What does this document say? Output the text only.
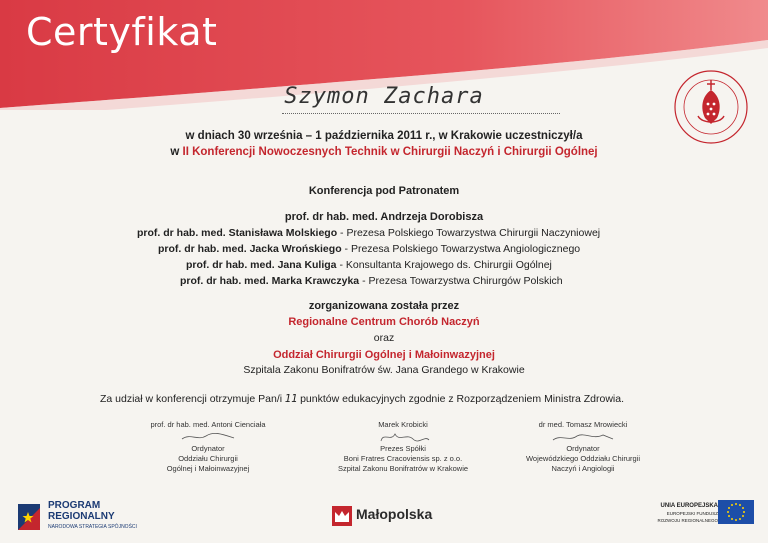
Certyfikat
Szymon Zachara
w dniach 30 września – 1 października 2011 r., w Krakowie uczestniczył/a
w II Konferencji Nowoczesnych Technik w Chirurgii Naczyń i Chirurgii Ogólnej
Konferencja pod Patronatem
prof. dr hab. med. Andrzeja Dorobisza
prof. dr hab. med. Stanisława Molskiego - Prezesa Polskiego Towarzystwa Chirurgii Naczyniowej
prof. dr hab. med. Jacka Wrońskiego - Prezesa Polskiego Towarzystwa Angiologicznego
prof. dr hab. med. Jana Kuliga - Konsultanta Krajowego ds. Chirurgii Ogólnej
prof. dr hab. med. Marka Krawczyka - Prezesa Towarzystwa Chirurgów Polskich
zorganizowana została przez
Regionalne Centrum Chorób Naczyń
oraz
Oddział Chirurgii Ogólnej i Małoinwazyjnej
Szpitala Zakonu Bonifratrów św. Jana Grandego w Krakowie
Za udział w konferencji otrzymuje Pan/i 11 punktów edukacyjnych zgodnie z Rozporządzeniem Ministra Zdrowia.
prof. dr hab. med. Antoni Cienciała
Ordynator
Oddziału Chirurgii
Ogólnej i Małoinwazyjnej
Marek Krobicki
Prezes Spółki
Boni Fratres Cracoviensis sp. z o.o.
Szpital Zakonu Bonifratrów w Krakowie
dr med. Tomasz Mrowiecki
Ordynator
Wojewódzkiego Oddziału Chirurgii
Naczyń i Angiologii
PROGRAM
REGIONALNY
NARODOWA STRATEGIA SPÓJNOŚCI
Małopolska	UNIA EUROPEJSKA
EUROPEJSKI FUNDUSZ
ROZWOJU REGIONALNEGO
